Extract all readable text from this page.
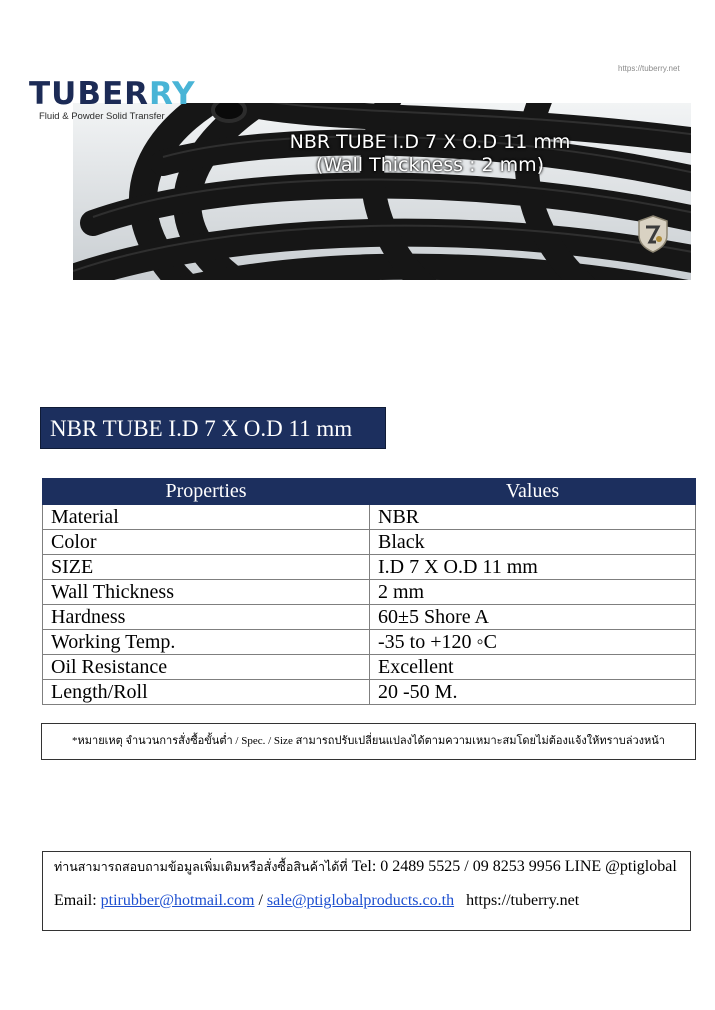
https://tuberry.net
TUBERRY
Fluid & Powder Solid Transfer
NBR TUBE I.D 7 X O.D 11 mm
(Wall Thickness : 2 mm)
NBR TUBE I.D 7 X O.D 11 mm
Properties	Values
Material	NBR
Color	Black
SIZE	I.D 7 X O.D 11 mm
Wall Thickness	2 mm
Hardness	60±5 Shore A
Working Temp.	-35 to +120 ◦C
Oil Resistance	Excellent
Length/Roll	20 -50 M.
*หมายเหตุ จำนวนการสั่งซื้อขั้นต่ำ / Spec. / Size สามารถปรับเปลี่ยนแปลงได้ตามความเหมาะสมโดยไม่ต้องแจ้งให้ทราบล่วงหน้า
ท่านสามารถสอบถามข้อมูลเพิ่มเติมหรือสั่งซื้อสินค้าได้ที่ Tel: 0 2489 5525 / 09 8253 9956 LINE @ptiglobal
Email: ptirubber@hotmail.com / sale@ptiglobalproducts.co.th https://tuberry.net
